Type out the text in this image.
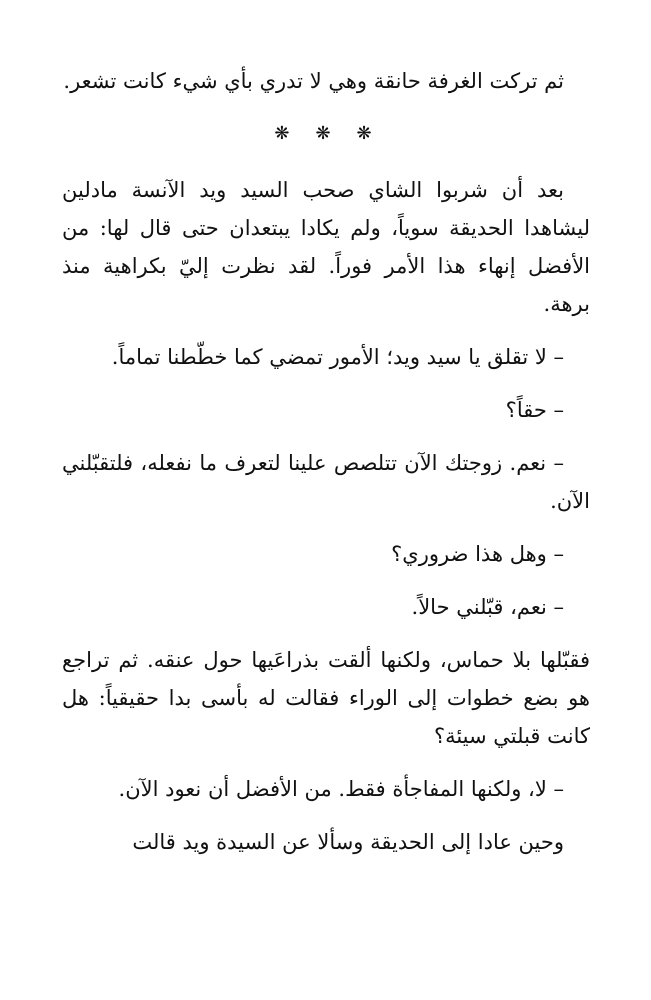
ثم تركت الغرفة حانقة وهي لا تدري بأي شيء كانت تشعر.

❋ ❋ ❋

بعد أن شربوا الشاي صحب السيد ويد الآنسة مادلين ليشاهدا الحديقة سوياً، ولم يكادا يبتعدان حتى قال لها: من الأفضل إنهاء هذا الأمر فوراً. لقد نظرت إليّ بكراهية منذ برهة.

– لا تقلق يا سيد ويد؛ الأمور تمضي كما خطّطنا تماماً.

– حقاً؟

– نعم. زوجتك الآن تتلصص علينا لتعرف ما نفعله، فلتقبّلني الآن.

– وهل هذا ضروري؟

– نعم، قبّلني حالاً.

فقبّلها بلا حماس، ولكنها ألقت بذراعَيها حول عنقه. ثم تراجع هو بضع خطوات إلى الوراء فقالت له بأسى بدا حقيقياً: هل كانت قبلتي سيئة؟

– لا، ولكنها المفاجأة فقط. من الأفضل أن نعود الآن.

وحين عادا إلى الحديقة وسألا عن السيدة ويد قالت
